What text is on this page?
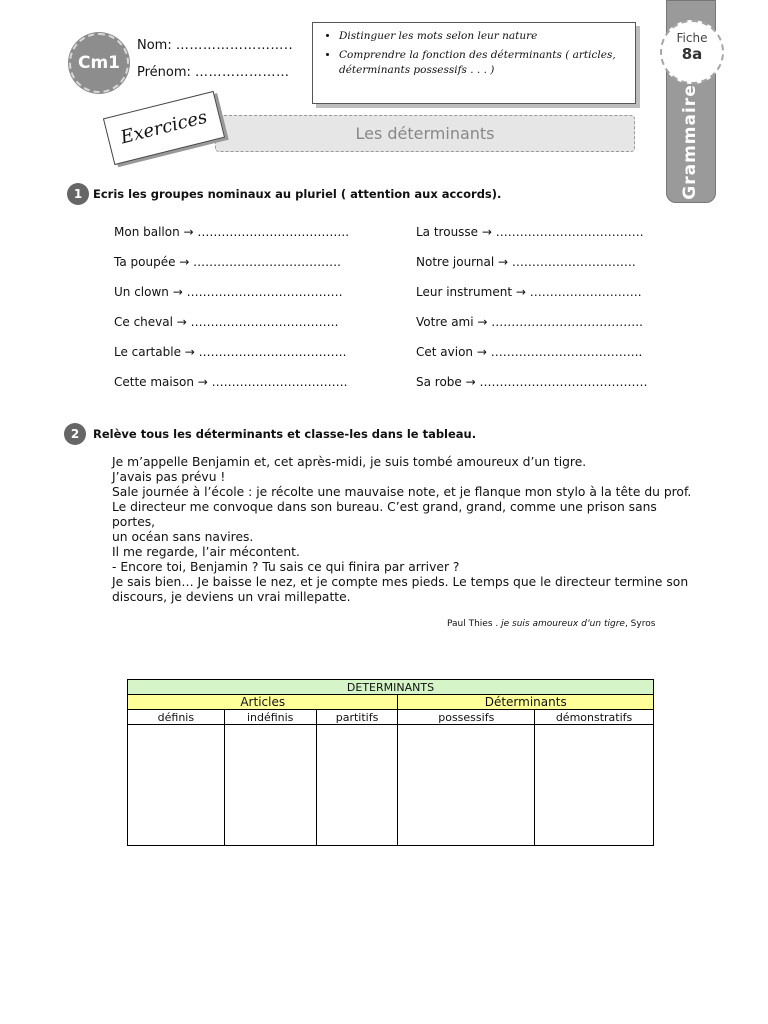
Cm1
Nom: ……………………..
Prénom: …………………
• Distinguer les mots selon leur nature
• Comprendre la fonction des déterminants ( articles, déterminants possessifs . . . )
Fiche
8a
Grammaire
Les déterminants
Exercices
1 Ecris les groupes nominaux au pluriel ( attention aux accords).
Mon ballon → ………………………………..
Ta poupée → ……………………………….
Un clown → …………………………………
Ce cheval → ……………………………….
Le cartable → ……………………………….
Cette maison → …………………………….
La trousse → ……………………………….
Notre journal → ………………………….
Leur instrument → ……………………….
Votre ami → ………………………………..
Cet avion → ………………………………..
Sa robe → ……………………………………
2	Relève tous les déterminants et classe-les dans le tableau.
Je m’appelle Benjamin et, cet après-midi, je suis tombé amoureux d’un tigre.
J’avais pas prévu !
Sale journée à l’école : je récolte une mauvaise note, et je flanque mon stylo à la tête du prof.
Le directeur me convoque dans son bureau. C’est grand, grand, comme une prison sans
portes,
un océan sans navires.
Il me regarde, l’air mécontent.
- Encore toi, Benjamin ? Tu sais ce qui finira par arriver ?
Je sais bien… Je baisse le nez, et je compte mes pieds. Le temps que le directeur termine son
discours, je deviens un vrai millepatte.
Paul Thies . je suis amoureux d’un tigre, Syros
DETERMINANTS				
Articles			Déterminants	
définis	indéfinis	partitifs	possessifs	démonstratifs
